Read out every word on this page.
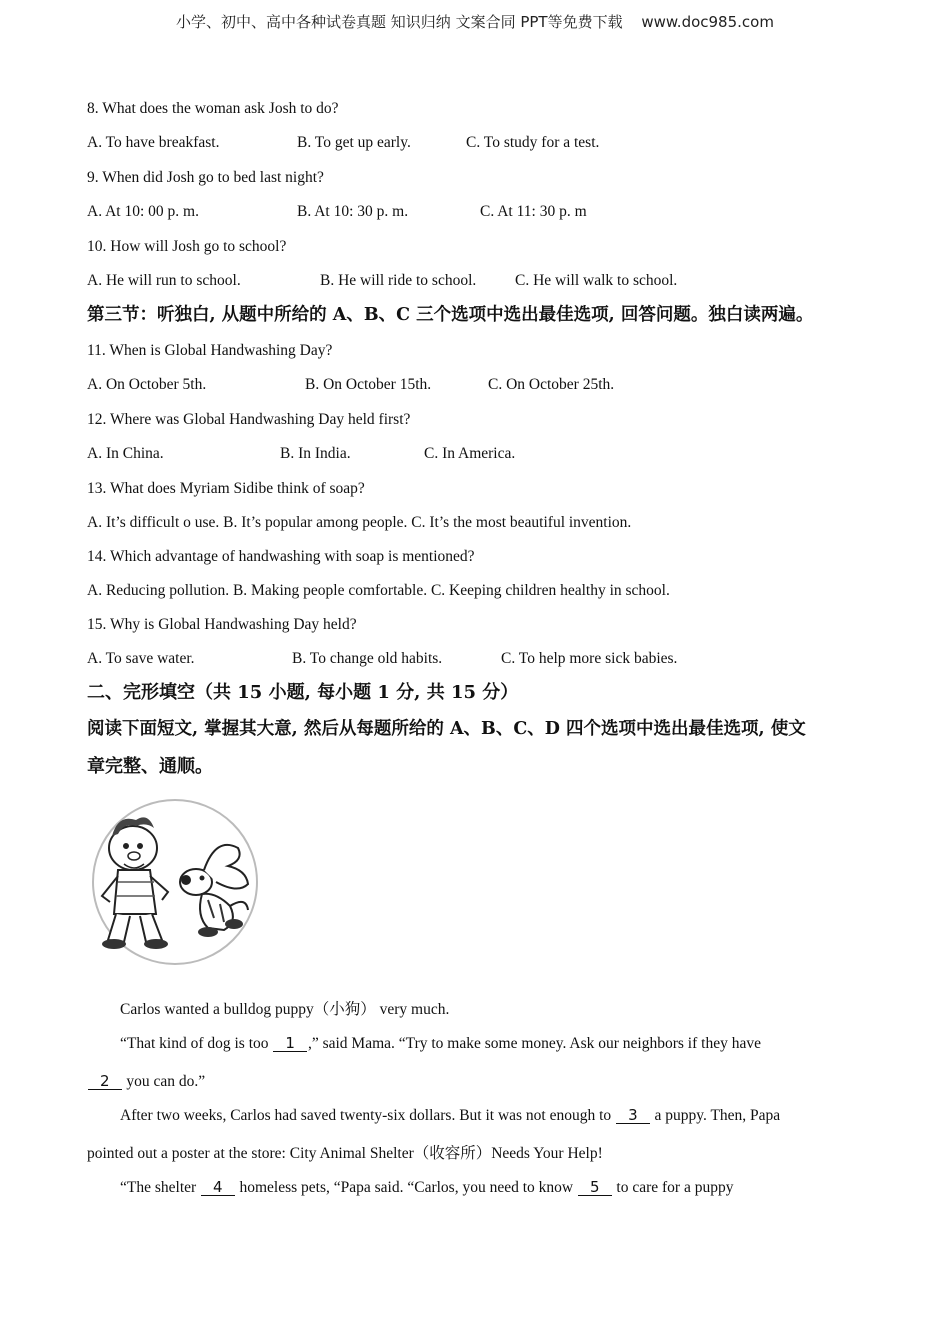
小学、初中、高中各种试卷真题 知识归纳 文案合同 PPT等免费下载 www.doc985.com
8. What does the woman ask Josh to do?
A. To have breakfast.	B. To get up early.	C. To study for a test.
9. When did Josh go to bed last night?
A. At 10: 00 p. m.	B. At 10: 30 p. m.	C. At 11: 30 p. m
10. How will Josh go to school?
A. He will run to school.	B. He will ride to school. C. He will walk to school.
第三节：听独白, 从题中所给的 A、B、C 三个选项中选出最佳选项, 回答问题。独白读两遍。
11. When is Global Handwashing Day?
A. On October 5th.	B. On October 15th.	C. On October 25th.
12. Where was Global Handwashing Day held first?
A. In China.	B. In India.	C. In America.
13. What does Myriam Sidibe think of soap?
A. It’s difficult o use. B. It’s popular among people. C. It’s the most beautiful invention.
14. Which advantage of handwashing with soap is mentioned?
A. Reducing pollution. B. Making people comfortable. C. Keeping children healthy in school.
15. Why is Global Handwashing Day held?
A. To save water.	B. To change old habits.	C. To help more sick babies.
二、完形填空（共 15 小题, 每小题 1 分, 共 15 分）
阅读下面短文, 掌握其大意, 然后从每题所给的 A、B、C、D 四个选项中选出最佳选项, 使文
章完整、通顺。
Carlos wanted a bulldog puppy（小狗） very much.
“That kind of dog is too 1 ,” said Mama. “Try to make some money. Ask our neighbors if they have
2 you can do.”
After two weeks, Carlos had saved twenty-six dollars. But it was not enough to 3 a puppy. Then, Papa
pointed out a poster at the store: City Animal Shelter（收容所）Needs Your Help!
“The shelter 4 homeless pets, “Papa said. “Carlos, you need to know 5 to care for a puppy
